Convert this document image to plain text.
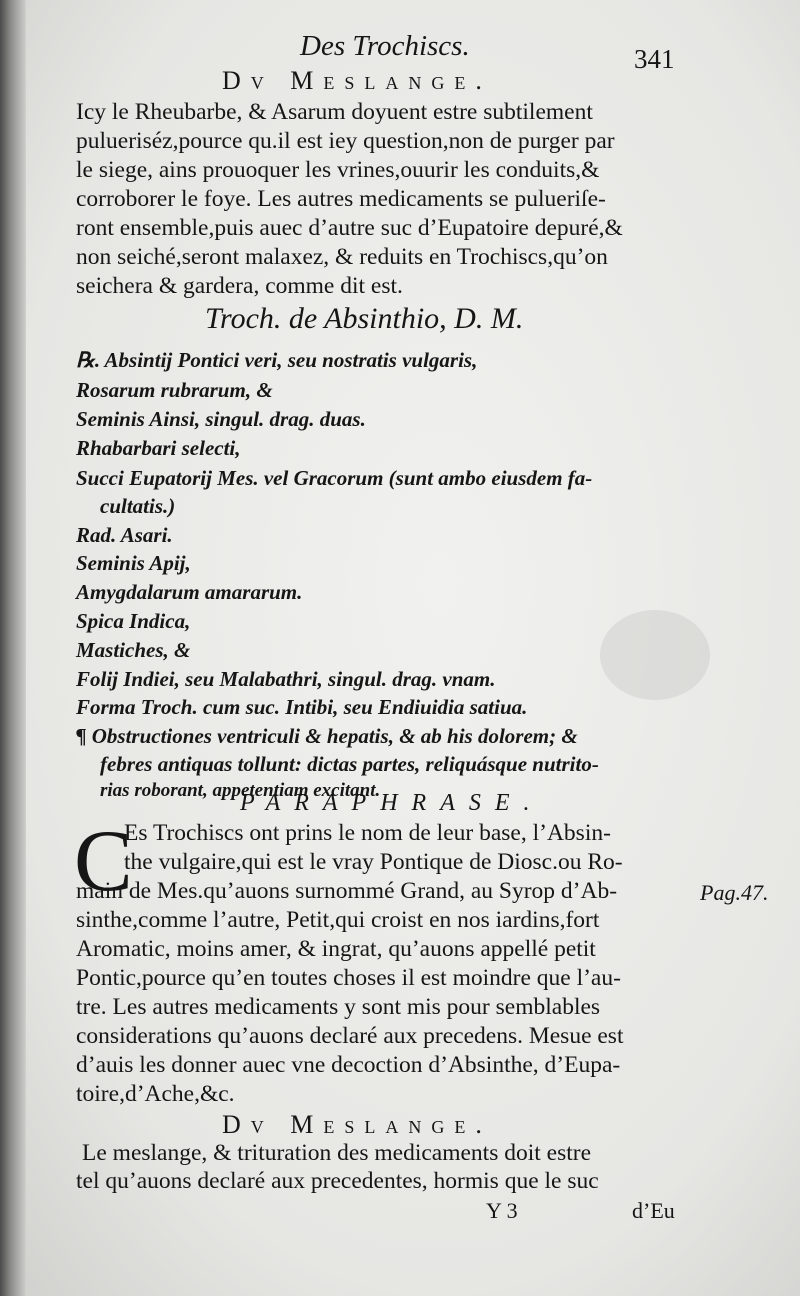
Des Trochiscs.	341
Dv Meslange.
Icy le Rheubarbe, & Asarum doyuent estre subtilement
pulueriséz,pource qu.il est iey question,non de purger par
le siege, ains prouoquer les vrines,ouurir les conduits,&
corroborer le foye. Les autres medicaments se pulueriſe-
ront ensemble,puis auec d’autre suc d’Eupatoire depuré,&
non seiché,seront malaxez, & reduits en Trochiscs,qu’on
seichera & gardera, comme dit est.
Troch. de Absinthio, D. M.
℞. Absintij Pontici veri, seu nostratis vulgaris,
Rosarum rubrarum, &
Seminis Ainsi, singul. drag. duas.
Rhabarbari selecti,
Succi Eupatorij Mes. vel Gracorum (sunt ambo eiusdem fa-
cultatis.)
Rad. Asari.
Seminis Apij,
Amygdalarum amararum.
Spica Indica,
Mastiches, &
Folij Indiei, seu Malabathri, singul. drag. vnam.
Forma Troch. cum suc. Intibi, seu Endiuidia satiua.
¶ Obstructiones ventriculi & hepatis, & ab his dolorem; &
febres antiquas tollunt: dictas partes, reliquásque nutrito-
rias roborant, appetentiam excitant.
PARAPHRASE.
C
Es Trochiscs ont prins le nom de leur base, l’Absin-
the vulgaire,qui est le vray Pontique de Diosc.ou Ro-
main de Mes.qu’auons surnommé Grand, au Syrop d’Ab-
sinthe,comme l’autre, Petit,qui croist en nos iardins,fort
Aromatic, moins amer, & ingrat, qu’auons appellé petit
Pontic,pource qu’en toutes choses il est moindre que l’au-
tre. Les autres medicaments y sont mis pour semblables
considerations qu’auons declaré aux precedens. Mesue est
d’auis les donner auec vne decoction d’Absinthe, d’Eupa-
toire,d’Ache,&c.
Pag.47.
Dv Meslange.
Le meslange, & trituration des medicaments doit estre
tel qu’auons declaré aux precedentes, hormis que le suc
Y 3	d’Eu
